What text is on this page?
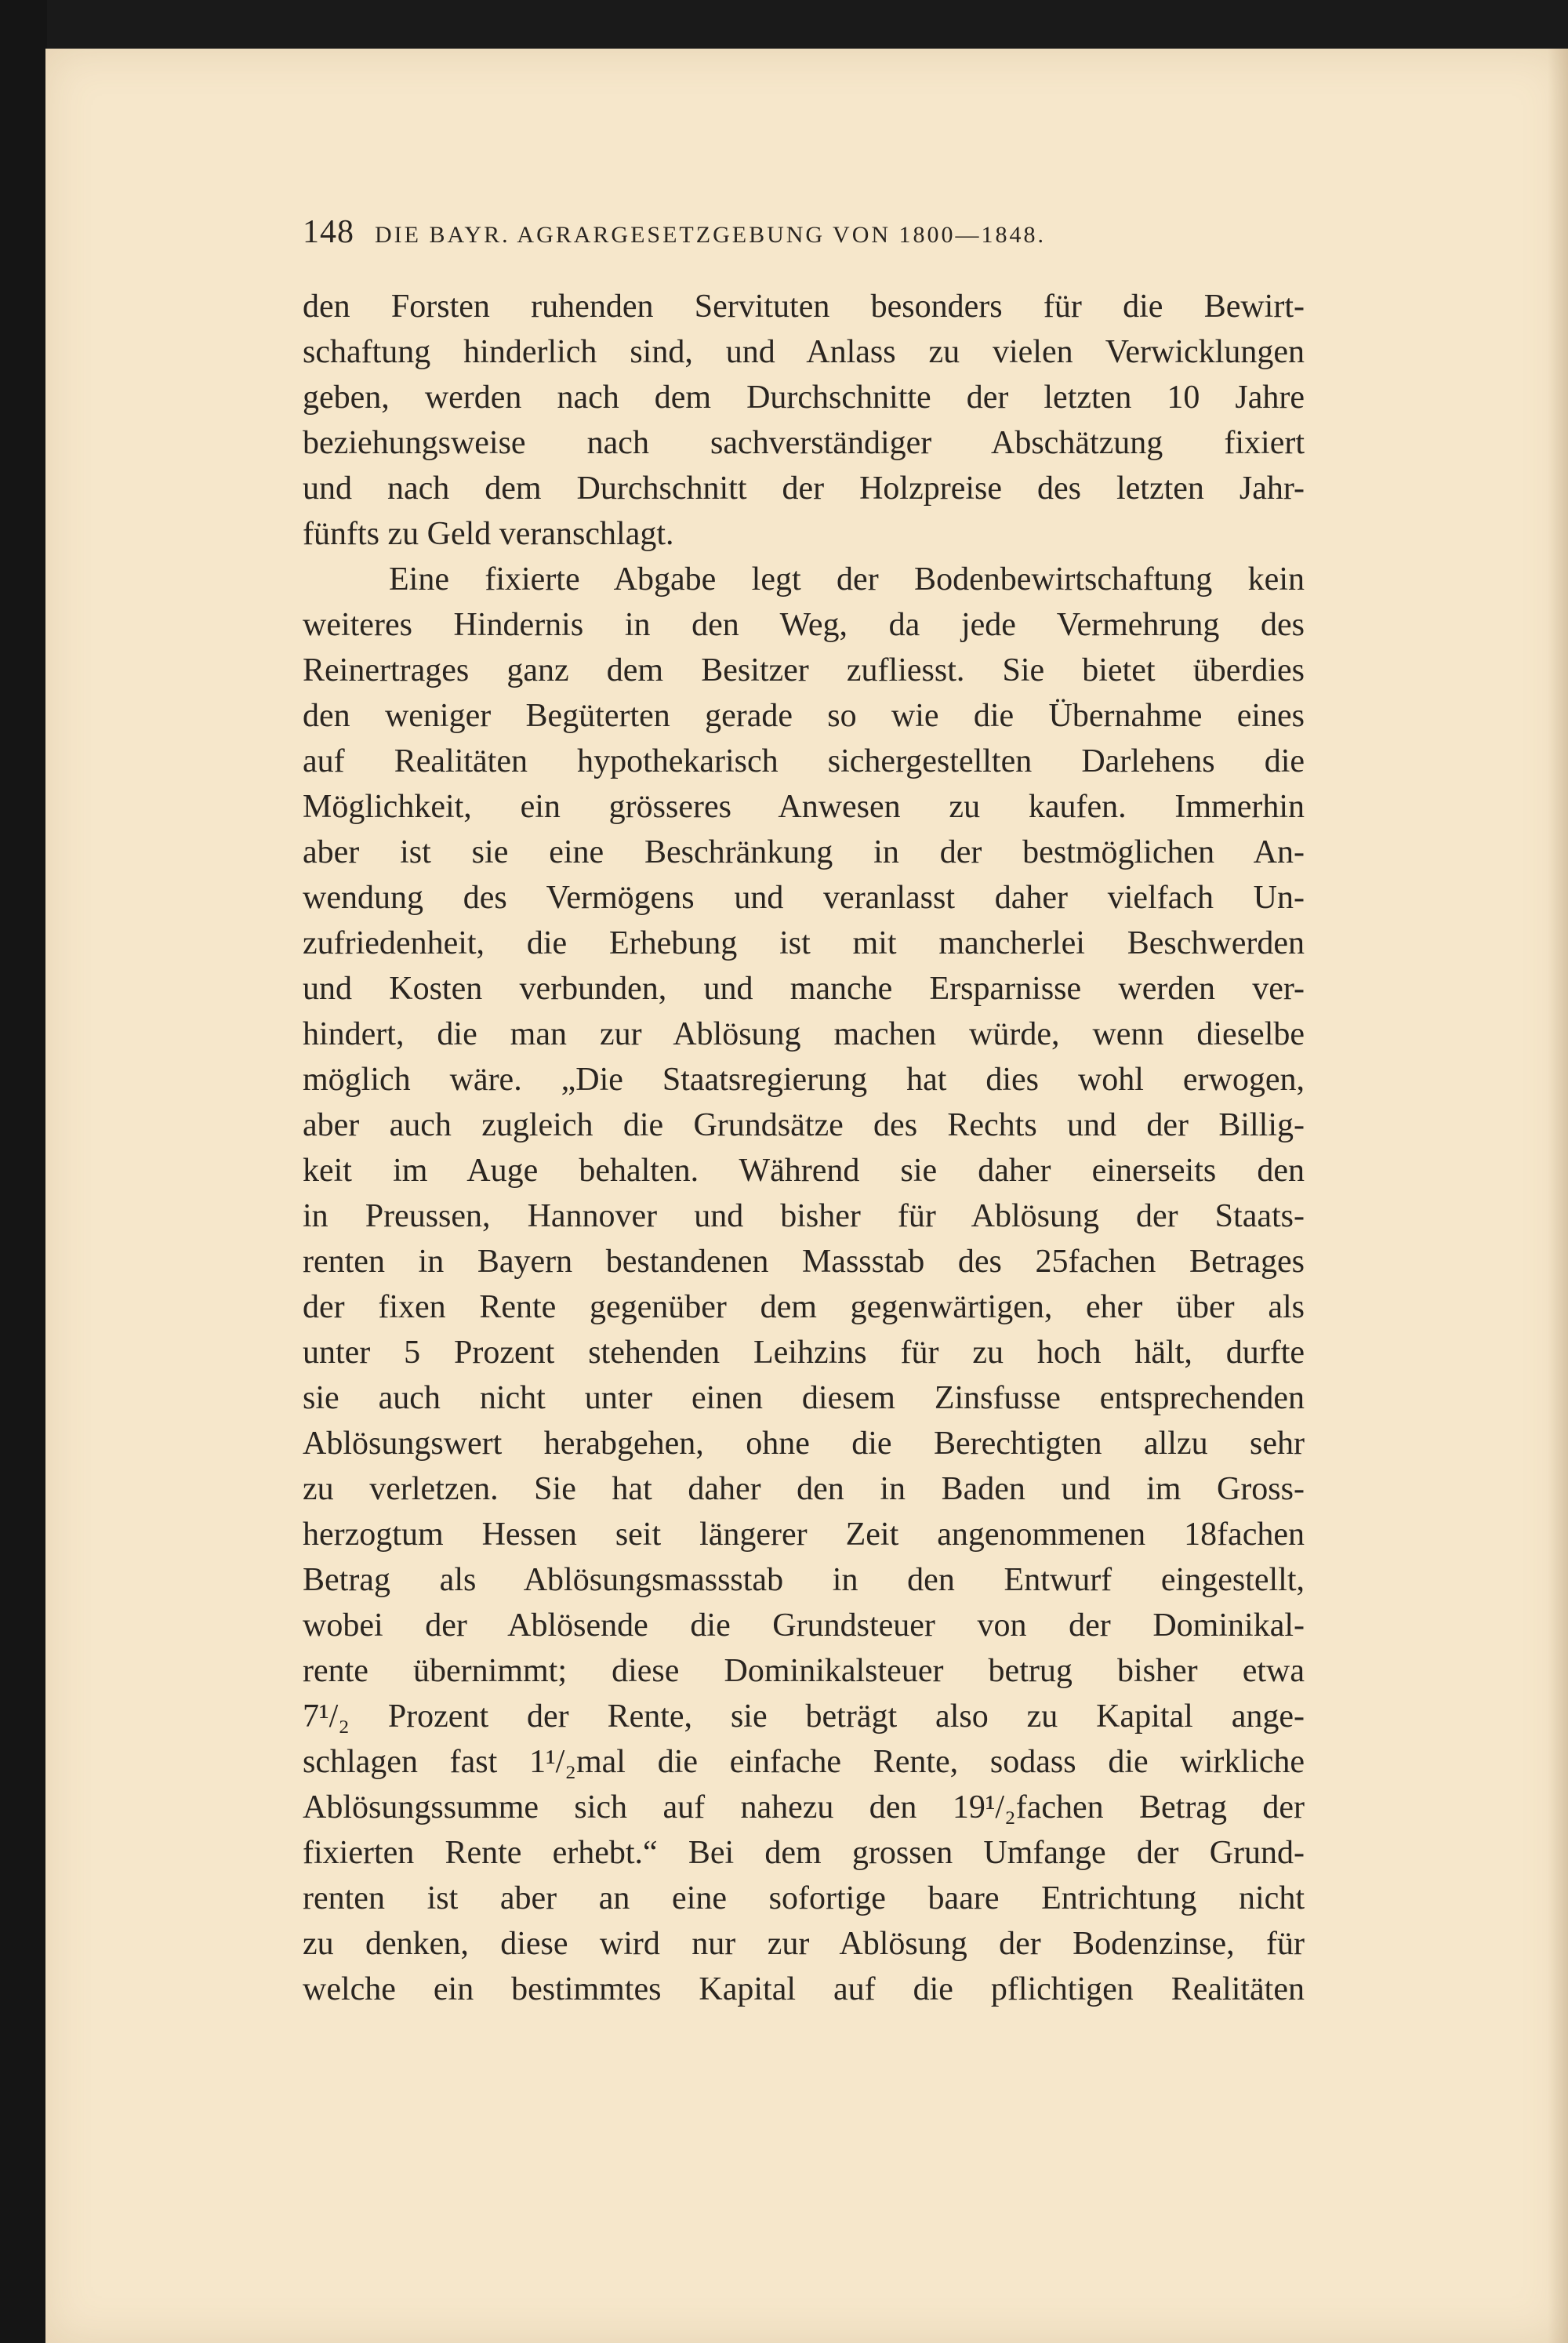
148 DIE BAYR. AGRARGESETZGEBUNG VON 1800—1848.
den Forsten ruhenden Servituten besonders für die Bewirt-
schaftung hinderlich sind, und Anlass zu vielen Verwicklungen
geben, werden nach dem Durchschnitte der letzten 10 Jahre
beziehungsweise nach sachverständiger Abschätzung fixiert
und nach dem Durchschnitt der Holzpreise des letzten Jahr-
fünfts zu Geld veranschlagt.
Eine fixierte Abgabe legt der Bodenbewirtschaftung kein
weiteres Hindernis in den Weg, da jede Vermehrung des
Reinertrages ganz dem Besitzer zufliesst. Sie bietet überdies
den weniger Begüterten gerade so wie die Übernahme eines
auf Realitäten hypothekarisch sichergestellten Darlehens die
Möglichkeit, ein grösseres Anwesen zu kaufen. Immerhin
aber ist sie eine Beschränkung in der bestmöglichen An-
wendung des Vermögens und veranlasst daher vielfach Un-
zufriedenheit, die Erhebung ist mit mancherlei Beschwerden
und Kosten verbunden, und manche Ersparnisse werden ver-
hindert, die man zur Ablösung machen würde, wenn dieselbe
möglich wäre. „Die Staatsregierung hat dies wohl erwogen,
aber auch zugleich die Grundsätze des Rechts und der Billig-
keit im Auge behalten. Während sie daher einerseits den
in Preussen, Hannover und bisher für Ablösung der Staats-
renten in Bayern bestandenen Massstab des 25fachen Betrages
der fixen Rente gegenüber dem gegenwärtigen, eher über als
unter 5 Prozent stehenden Leihzins für zu hoch hält, durfte
sie auch nicht unter einen diesem Zinsfusse entsprechenden
Ablösungswert herabgehen, ohne die Berechtigten allzu sehr
zu verletzen. Sie hat daher den in Baden und im Gross-
herzogtum Hessen seit längerer Zeit angenommenen 18fachen
Betrag als Ablösungsmassstab in den Entwurf eingestellt,
wobei der Ablösende die Grundsteuer von der Dominikal-
rente übernimmt; diese Dominikalsteuer betrug bisher etwa
7¹/₂ Prozent der Rente, sie beträgt also zu Kapital ange-
schlagen fast 1¹/₂mal die einfache Rente, sodass die wirkliche
Ablösungssumme sich auf nahezu den 19¹/₂fachen Betrag der
fixierten Rente erhebt.“ Bei dem grossen Umfange der Grund-
renten ist aber an eine sofortige baare Entrichtung nicht
zu denken, diese wird nur zur Ablösung der Bodenzinse, für
welche ein bestimmtes Kapital auf die pflichtigen Realitäten
